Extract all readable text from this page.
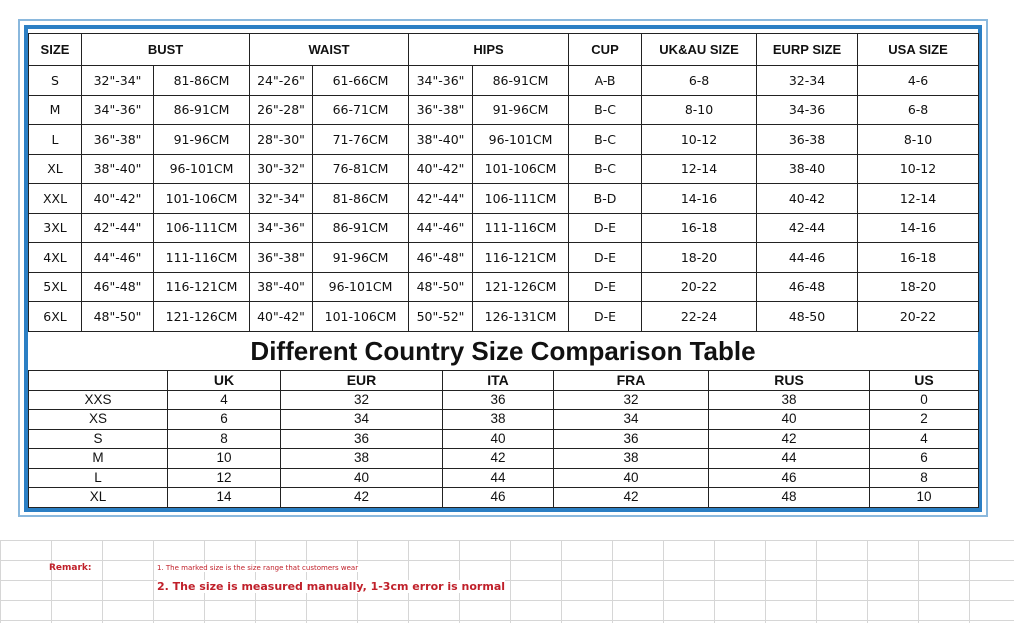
SIZE	BUST		WAIST		HIPS		CUP	UK&AU SIZE	EURP SIZE	USA SIZE
S	32"-34"	81-86CM	24"-26"	61-66CM	34"-36"	86-91CM	A-B	6-8	32-34	4-6
M	34"-36"	86-91CM	26"-28"	66-71CM	36"-38"	91-96CM	B-C	8-10	34-36	6-8
L	36"-38"	91-96CM	28"-30"	71-76CM	38"-40"	96-101CM	B-C	10-12	36-38	8-10
XL	38"-40"	96-101CM	30"-32"	76-81CM	40"-42"	101-106CM	B-C	12-14	38-40	10-12
XXL	40"-42"	101-106CM	32"-34"	81-86CM	42"-44"	106-111CM	B-D	14-16	40-42	12-14
3XL	42"-44"	106-111CM	34"-36"	86-91CM	44"-46"	111-116CM	D-E	16-18	42-44	14-16
4XL	44"-46"	111-116CM	36"-38"	91-96CM	46"-48"	116-121CM	D-E	18-20	44-46	16-18
5XL	46"-48"	116-121CM	38"-40"	96-101CM	48"-50"	121-126CM	D-E	20-22	46-48	18-20
6XL	48"-50"	121-126CM	40"-42"	101-106CM	50"-52"	126-131CM	D-E	22-24	48-50	20-22
Different Country Size Comparison Table
	UK	EUR	ITA	FRA	RUS	US
XXS	4	32	36	32	38	0
XS	6	34	38	34	40	2
S	8	36	40	36	42	4
M	10	38	42	38	44	6
L	12	40	44	40	46	8
XL	14	42	46	42	48	10
Remark:	1. The marked size is the size range that customers wear
2. The size is measured manually, 1-3cm error is normal
